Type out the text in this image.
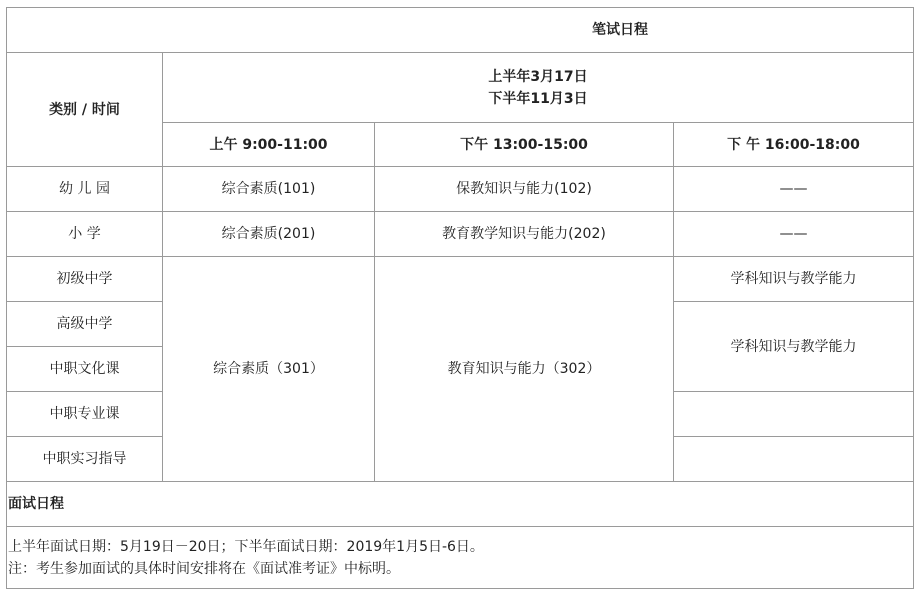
笔试日程			
类别 / 时间	上半年3月17日
下半年11月3日		

	上午 9:00-11:00	下午 13:00-15:00	下 午 16:00-18:00
幼 儿 园	综合素质(101)	保教知识与能力(102)	——
小 学	综合素质(201)	教育教学知识与能力(202)	——
初级中学	综合素质（301）	教育知识与能力（302）	学科知识与教学能力
高级中学			学科知识与教学能力
中职文化课			
中职专业课			
中职实习指导			
面试日程			

上半年面试日期：5月19日－20日；下半年面试日期：2019年1月5日-6日。
注：考生参加面试的具体时间安排将在《面试准考证》中标明。			
